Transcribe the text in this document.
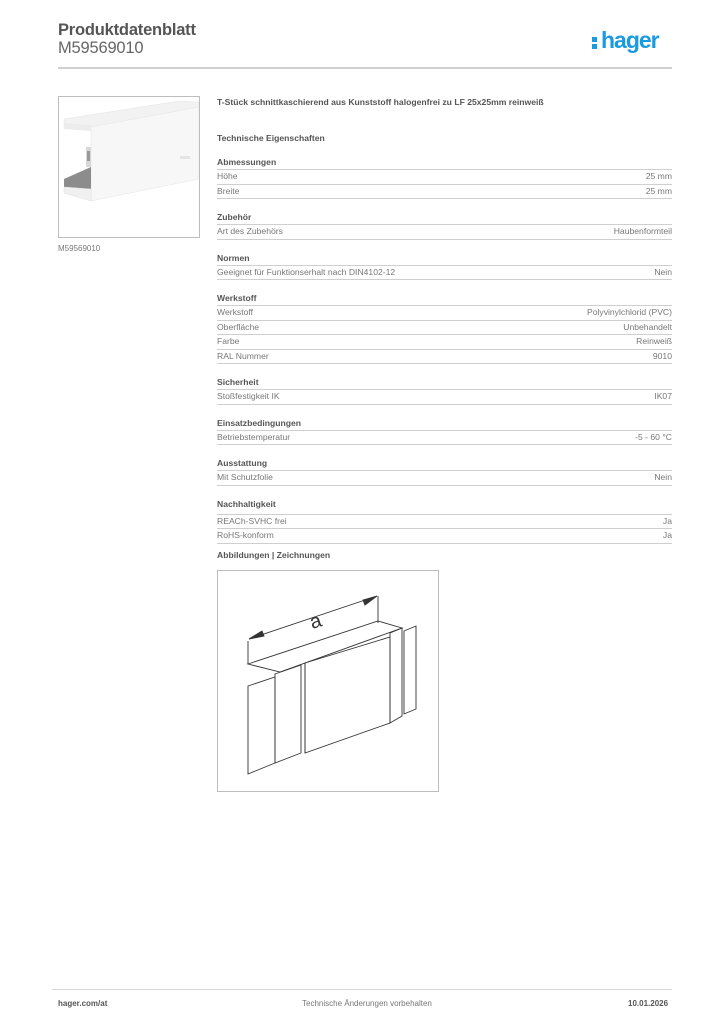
Produktdatenblatt
M59569010	hager
M59569010
T-Stück schnittkaschierend aus Kunststoff halogenfrei zu LF 25x25mm reinweiß
Technische Eigenschaften
Abmessungen
Höhe	25 mm
Breite	25 mm
Zubehör
Art des Zubehörs	Haubenformteil
Normen
Geeignet für Funktionserhalt nach DIN4102-12	Nein
Werkstoff
Werkstoff	Polyvinylchlorid (PVC)
Oberfläche	Unbehandelt
Farbe	Reinweiß
RAL Nummer	9010
Sicherheit
Stoßfestigkeit IK	IK07
Einsatzbedingungen
Betriebstemperatur	-5 - 60 °C
Ausstattung
Mit Schutzfolie	Nein
Nachhaltigkeit
REACh-SVHC frei	Ja
RoHS-konform	Ja
Abbildungen | Zeichnungen
a
hager.com/at	Technische Änderungen vorbehalten	10.01.2026
